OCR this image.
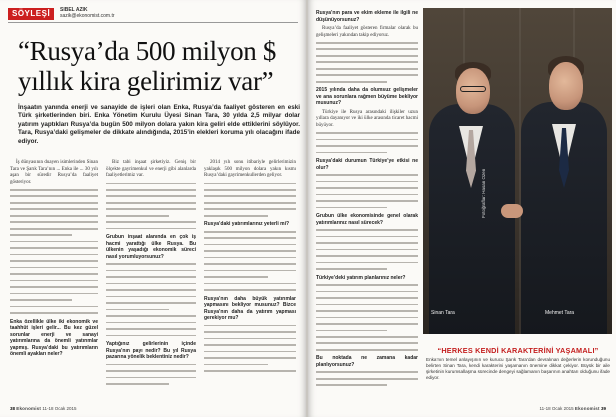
SÖYLEŞİ	SIBEL AZIK
sazik@ekonomist.com.tr
“Rusya’da 500 milyon $
yıllık kira gelirimiz var”
İnşaatın yanında enerji ve sanayide de işleri olan Enka, Rusya’da faaliyet gösteren en eski Türk şirketlerinden biri. Enka Yönetim Kurulu Üyesi Sinan Tara, 30 yılda 2,5 milyar dolar yatırım yaptıkları Rusya’da bugün 500 milyon dolara yakın kira geliri elde ettiklerini söylüyor. Tara, Rusya’daki gelişmeler de dikkate alındığında, 2015’in elekleri koruma yılı olacağını ifade ediyor.

İş dünyasının duayen isimlerinden Sinan Tara ve Şarık Tara’nın ... Enka ile ... 30 yılı aşan bir süredir Rusya’da faaliyet gösteriyor.

Enka özellikle ülke iki ekonomik ve taahhüt işleri gelir... Bu kez güzel sorunlar enerji ve sanayi yatırımlarına da önemli yatırımlar yapmış. Rusya’daki bu yatırımların önemli ayakları neler?

Biz tabi inşaat şirketiyiz. Geniş bir ölçekte gayrimenkul ve enerji gibi alanlarda faaliyetlerimiz var.

Grubun inşaat alanında en çok iş hacmi yarattığı ülke Rusya. Bu ülkenin yaşadığı ekonomik süreci nasıl yorumluyorsunuz?

Yaptığınız gelirlerinin içinde Rusya’nın payı nedir? Bu yıl Rusya pazarına yönelik beklentiniz nedir?

2014 yılı sonu itibariyle gelirlerimizin yaklaşık 500 milyon dolara yakın kısmı Rusya’daki gayrimenkullerden geliyor.

Rusya’daki yatırımlarınız yeterli mi?

Rusya’nın daha büyük yatırımlar yapmasını bekliyor musunuz? Bizce Rusya’nın daha da yatırım yapması gerekiyor mu?

38 Ekonomist 11-18 Ocak 2015

Rusya’nın para ve ekim ekleme ile ilgili ne düşünüyorsunuz?

Rusya’da faaliyet gösteren firmalar olarak bu gelişmeleri yakından takip ediyoruz.

2015 yılında daha da olumsuz gelişmeler ve ana sorunlara rağmen büyüme bekliyor musunuz?

Türkiye ile Rusya arasındaki ilişkiler uzun yıllara dayanıyor ve iki ülke arasında ticaret hacmi büyüyor.

Rusya’daki durumun Türkiye’ye etkisi ne olur?

Grubun ülke ekonomisinde genel olarak yatırımlarınız nasıl sürecek?

Türkiye’deki yatırım planlarınız neler?

Bu noktada ne zamana kadar planlıyorsunuz?

Sinan Tara	Mehmet Tara
Fotoğraflar: Hasan Ozen
“HERKES KENDİ KARAKTERİNİ YAŞAMALI”
Enka’nın temel anlayışının ve kurucu Şarık Tara’dan devralınan değerlerin korunduğunu belirten Sinan Tara, kendi karakterini yaşamanın önemine dikkat çekiyor. Büyük bir aile şirketinin kurumsallaşma sürecinde dengeyi sağlamanın başarının anahtarı olduğunu ifade ediyor.
11-18 Ocak 2015 Ekonomist 39
